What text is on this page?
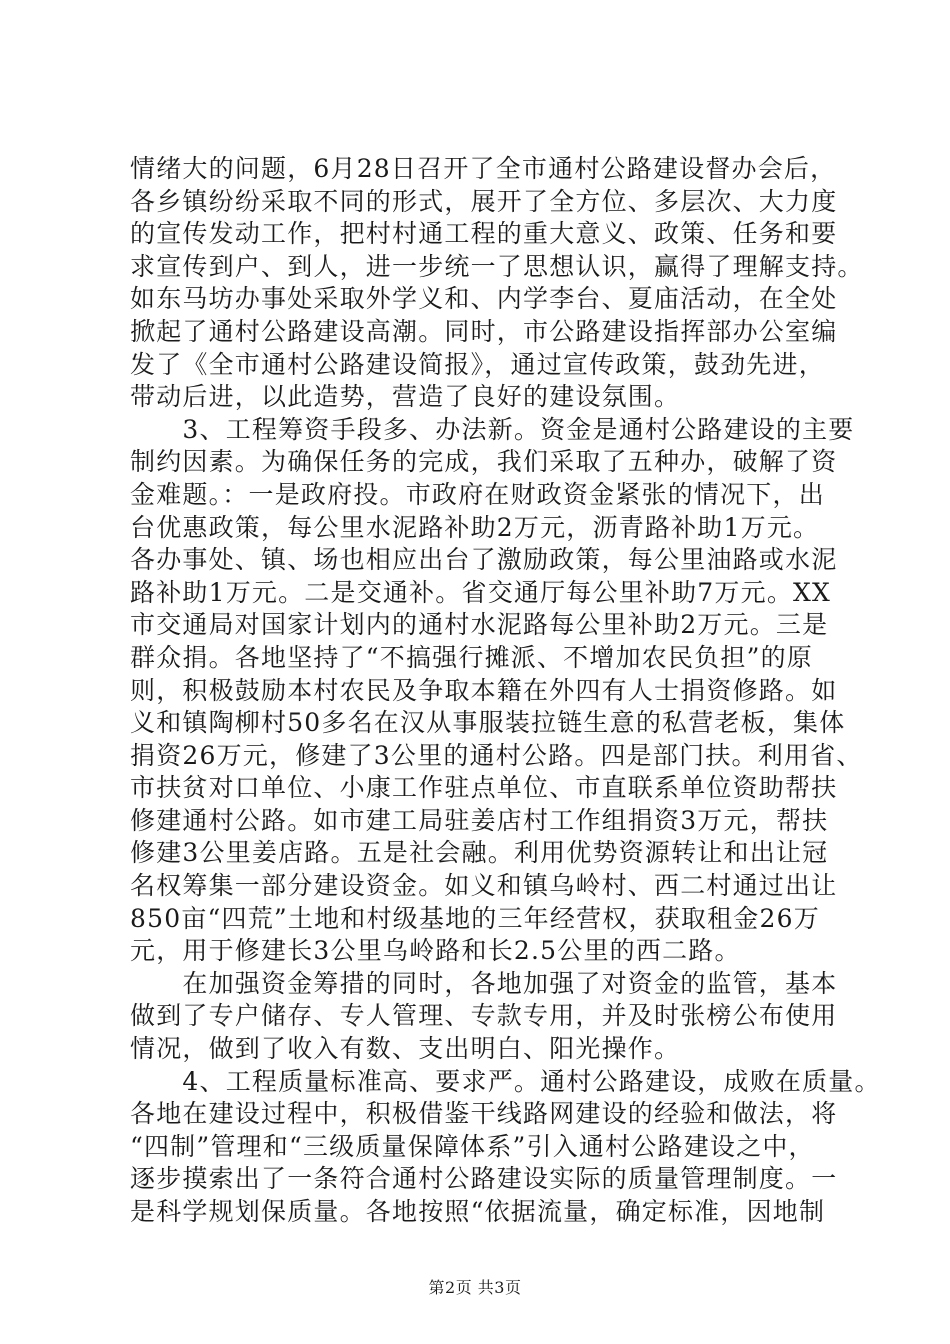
情绪大的问题，6月28日召开了全市通村公路建设督办会后，
各乡镇纷纷采取不同的形式，展开了全方位、多层次、大力度
的宣传发动工作，把村村通工程的重大意义、政策、任务和要
求宣传到户、到人，进一步统一了思想认识，赢得了理解支持。
如东马坊办事处采取外学义和、内学李台、夏庙活动，在全处
掀起了通村公路建设高潮。同时，市公路建设指挥部办公室编
发了《全市通村公路建设简报》，通过宣传政策，鼓劲先进，
带动后进，以此造势，营造了良好的建设氛围。
　　3、工程筹资手段多、办法新。资金是通村公路建设的主要
制约因素。为确保任务的完成，我们采取了五种办，破解了资
金难题。：一是政府投。市政府在财政资金紧张的情况下，出
台优惠政策，每公里水泥路补助2万元，沥青路补助1万元。
各办事处、镇、场也相应出台了激励政策，每公里油路或水泥
路补助1万元。二是交通补。省交通厅每公里补助7万元。XX
市交通局对国家计划内的通村水泥路每公里补助2万元。三是
群众捐。各地坚持了“不搞强行摊派、不增加农民负担”的原
则，积极鼓励本村农民及争取本籍在外四有人士捐资修路。如
义和镇陶柳村50多名在汉从事服装拉链生意的私营老板，集体
捐资26万元，修建了3公里的通村公路。四是部门扶。利用省、
市扶贫对口单位、小康工作驻点单位、市直联系单位资助帮扶
修建通村公路。如市建工局驻姜店村工作组捐资3万元，帮扶
修建3公里姜店路。五是社会融。利用优势资源转让和出让冠
名权筹集一部分建设资金。如义和镇乌岭村、西二村通过出让
850亩“四荒”土地和村级基地的三年经营权，获取租金26万
元，用于修建长3公里乌岭路和长2.5公里的西二路。
　　在加强资金筹措的同时，各地加强了对资金的监管，基本
做到了专户储存、专人管理、专款专用，并及时张榜公布使用
情况，做到了收入有数、支出明白、阳光操作。
　　4、工程质量标准高、要求严。通村公路建设，成败在质量。
各地在建设过程中，积极借鉴干线路网建设的经验和做法，将
“四制”管理和“三级质量保障体系”引入通村公路建设之中，
逐步摸索出了一条符合通村公路建设实际的质量管理制度。一
是科学规划保质量。各地按照“依据流量，确定标准，因地制
第2页 共3页
